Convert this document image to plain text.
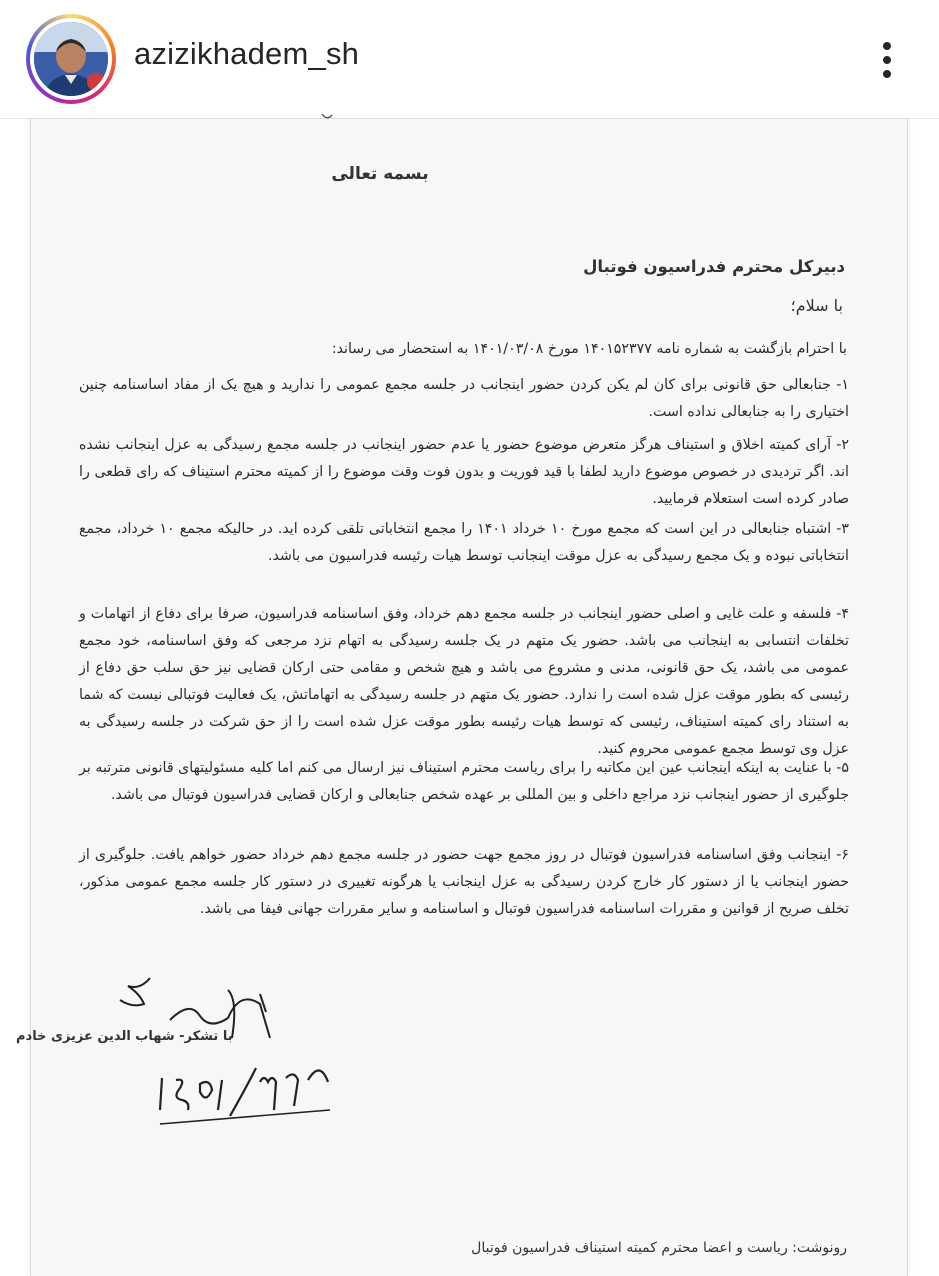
azizikhadem_sh
بسمه تعالی
دبیرکل محترم فدراسیون فوتبال
با سلام؛
با احترام بازگشت به شماره نامه ۱۴۰۱۵۲۳۷۷ مورخ ۱۴۰۱/۰۳/۰۸ به استحضار می رساند:
۱- جنابعالی حق قانونی برای کان لم یکن کردن حضور اینجانب در جلسه مجمع عمومی را ندارید و هیچ یک از مفاد اساسنامه چنین اختیاری را به جنابعالی نداده است.
۲- آرای کمیته اخلاق و استیناف هرگز متعرض موضوع حضور یا عدم حضور اینجانب در جلسه مجمع رسیدگی به عزل اینجانب نشده اند. اگر تردیدی در خصوص موضوع دارید لطفا با قید فوریت و بدون فوت وقت موضوع را از کمیته محترم استیناف که رای قطعی را صادر کرده است استعلام فرمایید.
۳- اشتباه جنابعالی در این است که مجمع مورخ ۱۰ خرداد ۱۴۰۱ را مجمع انتخاباتی تلقی کرده اید. در حالیکه مجمع ۱۰ خرداد، مجمع انتخاباتی نبوده و یک مجمع رسیدگی به عزل موقت اینجانب توسط هیات رئیسه فدراسیون می باشد.
۴- فلسفه و علت غایی و اصلی حضور اینجانب در جلسه مجمع دهم خرداد، وفق اساسنامه فدراسیون، صرفا برای دفاع از اتهامات و تخلفات انتسابی به اینجانب می باشد. حضور یک متهم در یک جلسه رسیدگی به اتهام نزد مرجعی که وفق اساسنامه، خود مجمع عمومی می باشد، یک حق قانونی، مدنی و مشروع می باشد و هیچ شخص و مقامی حتی ارکان قضایی نیز حق سلب حق دفاع از رئیسی که بطور موقت عزل شده است را ندارد. حضور یک متهم در جلسه رسیدگی به اتهاماتش، یک فعالیت فوتبالی نیست که شما به استناد رای کمیته استیناف، رئیسی که توسط هیات رئیسه بطور موقت عزل شده است را از حق شرکت در جلسه رسیدگی به عزل وی توسط مجمع عمومی محروم کنید.
۵- با عنایت به اینکه اینجانب عین این مکاتبه را برای ریاست محترم استیناف نیز ارسال می کنم اما کلیه مسئولیتهای قانونی مترتبه بر جلوگیری از حضور اینجانب نزد مراجع داخلی و بین المللی بر عهده شخص جنابعالی و ارکان قضایی فدراسیون فوتبال می باشد.
۶- اینجانب وفق اساسنامه فدراسیون فوتبال در روز مجمع جهت حضور در جلسه مجمع دهم خرداد حضور خواهم یافت. جلوگیری از حضور اینجانب یا از دستور کار خارج کردن رسیدگی به عزل اینجانب یا هرگونه تغییری در دستور کار جلسه مجمع عمومی مذکور، تخلف صریح از قوانین و مقررات اساسنامه فدراسیون فوتبال و اساسنامه و سایر مقررات جهانی فیفا می باشد.
با تشکر- شهاب الدین عزیزی خادم
رونوشت: ریاست و اعضا محترم کمیته استیناف فدراسیون فوتبال
